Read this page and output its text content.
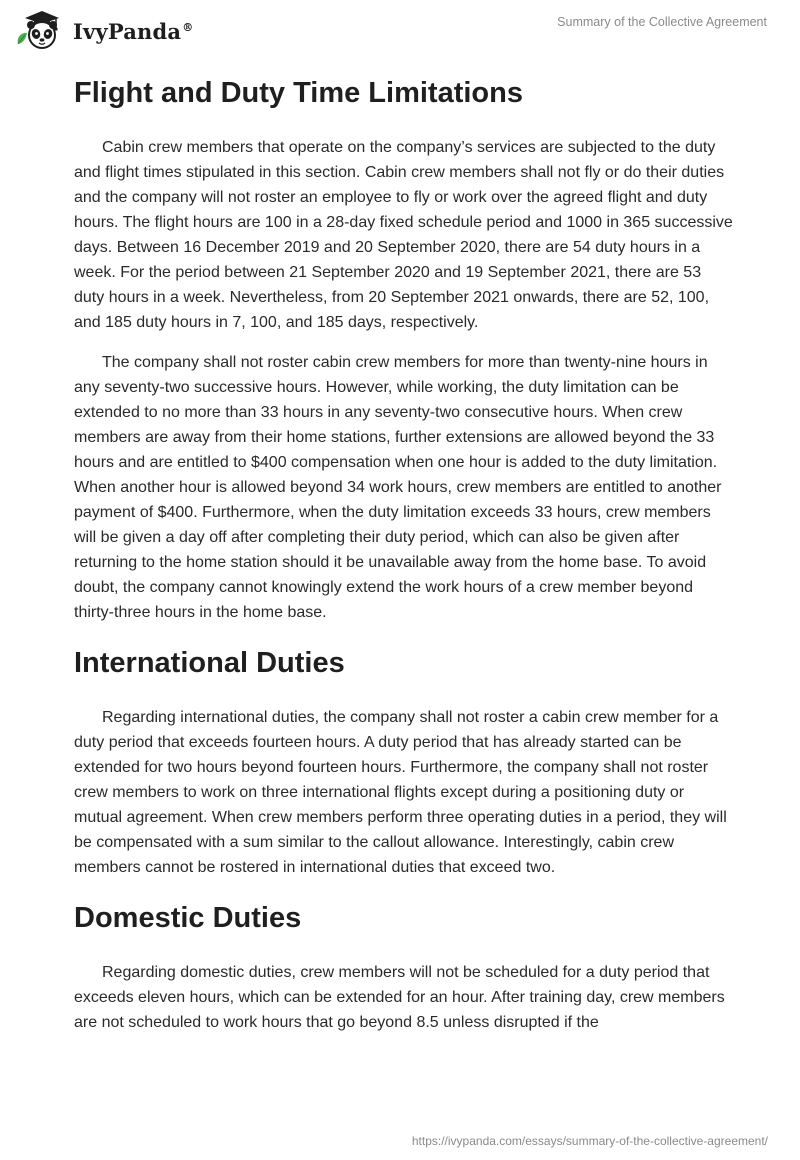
IvyPanda®	Summary of the Collective Agreement
Flight and Duty Time Limitations

Cabin crew members that operate on the company’s services are subjected to the duty and flight times stipulated in this section. Cabin crew members shall not fly or do their duties and the company will not roster an employee to fly or work over the agreed flight and duty hours. The flight hours are 100 in a 28-day fixed schedule period and 1000 in 365 successive days. Between 16 December 2019 and 20 September 2020, there are 54 duty hours in a week. For the period between 21 September 2020 and 19 September 2021, there are 53 duty hours in a week. Nevertheless, from 20 September 2021 onwards, there are 52, 100, and 185 duty hours in 7, 100, and 185 days, respectively.

The company shall not roster cabin crew members for more than twenty-nine hours in any seventy-two successive hours. However, while working, the duty limitation can be extended to no more than 33 hours in any seventy-two consecutive hours. When crew members are away from their home stations, further extensions are allowed beyond the 33 hours and are entitled to $400 compensation when one hour is added to the duty limitation. When another hour is allowed beyond 34 work hours, crew members are entitled to another payment of $400. Furthermore, when the duty limitation exceeds 33 hours, crew members will be given a day off after completing their duty period, which can also be given after returning to the home station should it be unavailable away from the home base. To avoid doubt, the company cannot knowingly extend the work hours of a crew member beyond thirty-three hours in the home base.

International Duties

Regarding international duties, the company shall not roster a cabin crew member for a duty period that exceeds fourteen hours. A duty period that has already started can be extended for two hours beyond fourteen hours. Furthermore, the company shall not roster crew members to work on three international flights except during a positioning duty or mutual agreement. When crew members perform three operating duties in a period, they will be compensated with a sum similar to the callout allowance. Interestingly, cabin crew members cannot be rostered in international duties that exceed two.

Domestic Duties

Regarding domestic duties, crew members will not be scheduled for a duty period that exceeds eleven hours, which can be extended for an hour. After training day, crew members are not scheduled to work hours that go beyond 8.5 unless disrupted if the

https://ivypanda.com/essays/summary-of-the-collective-agreement/
